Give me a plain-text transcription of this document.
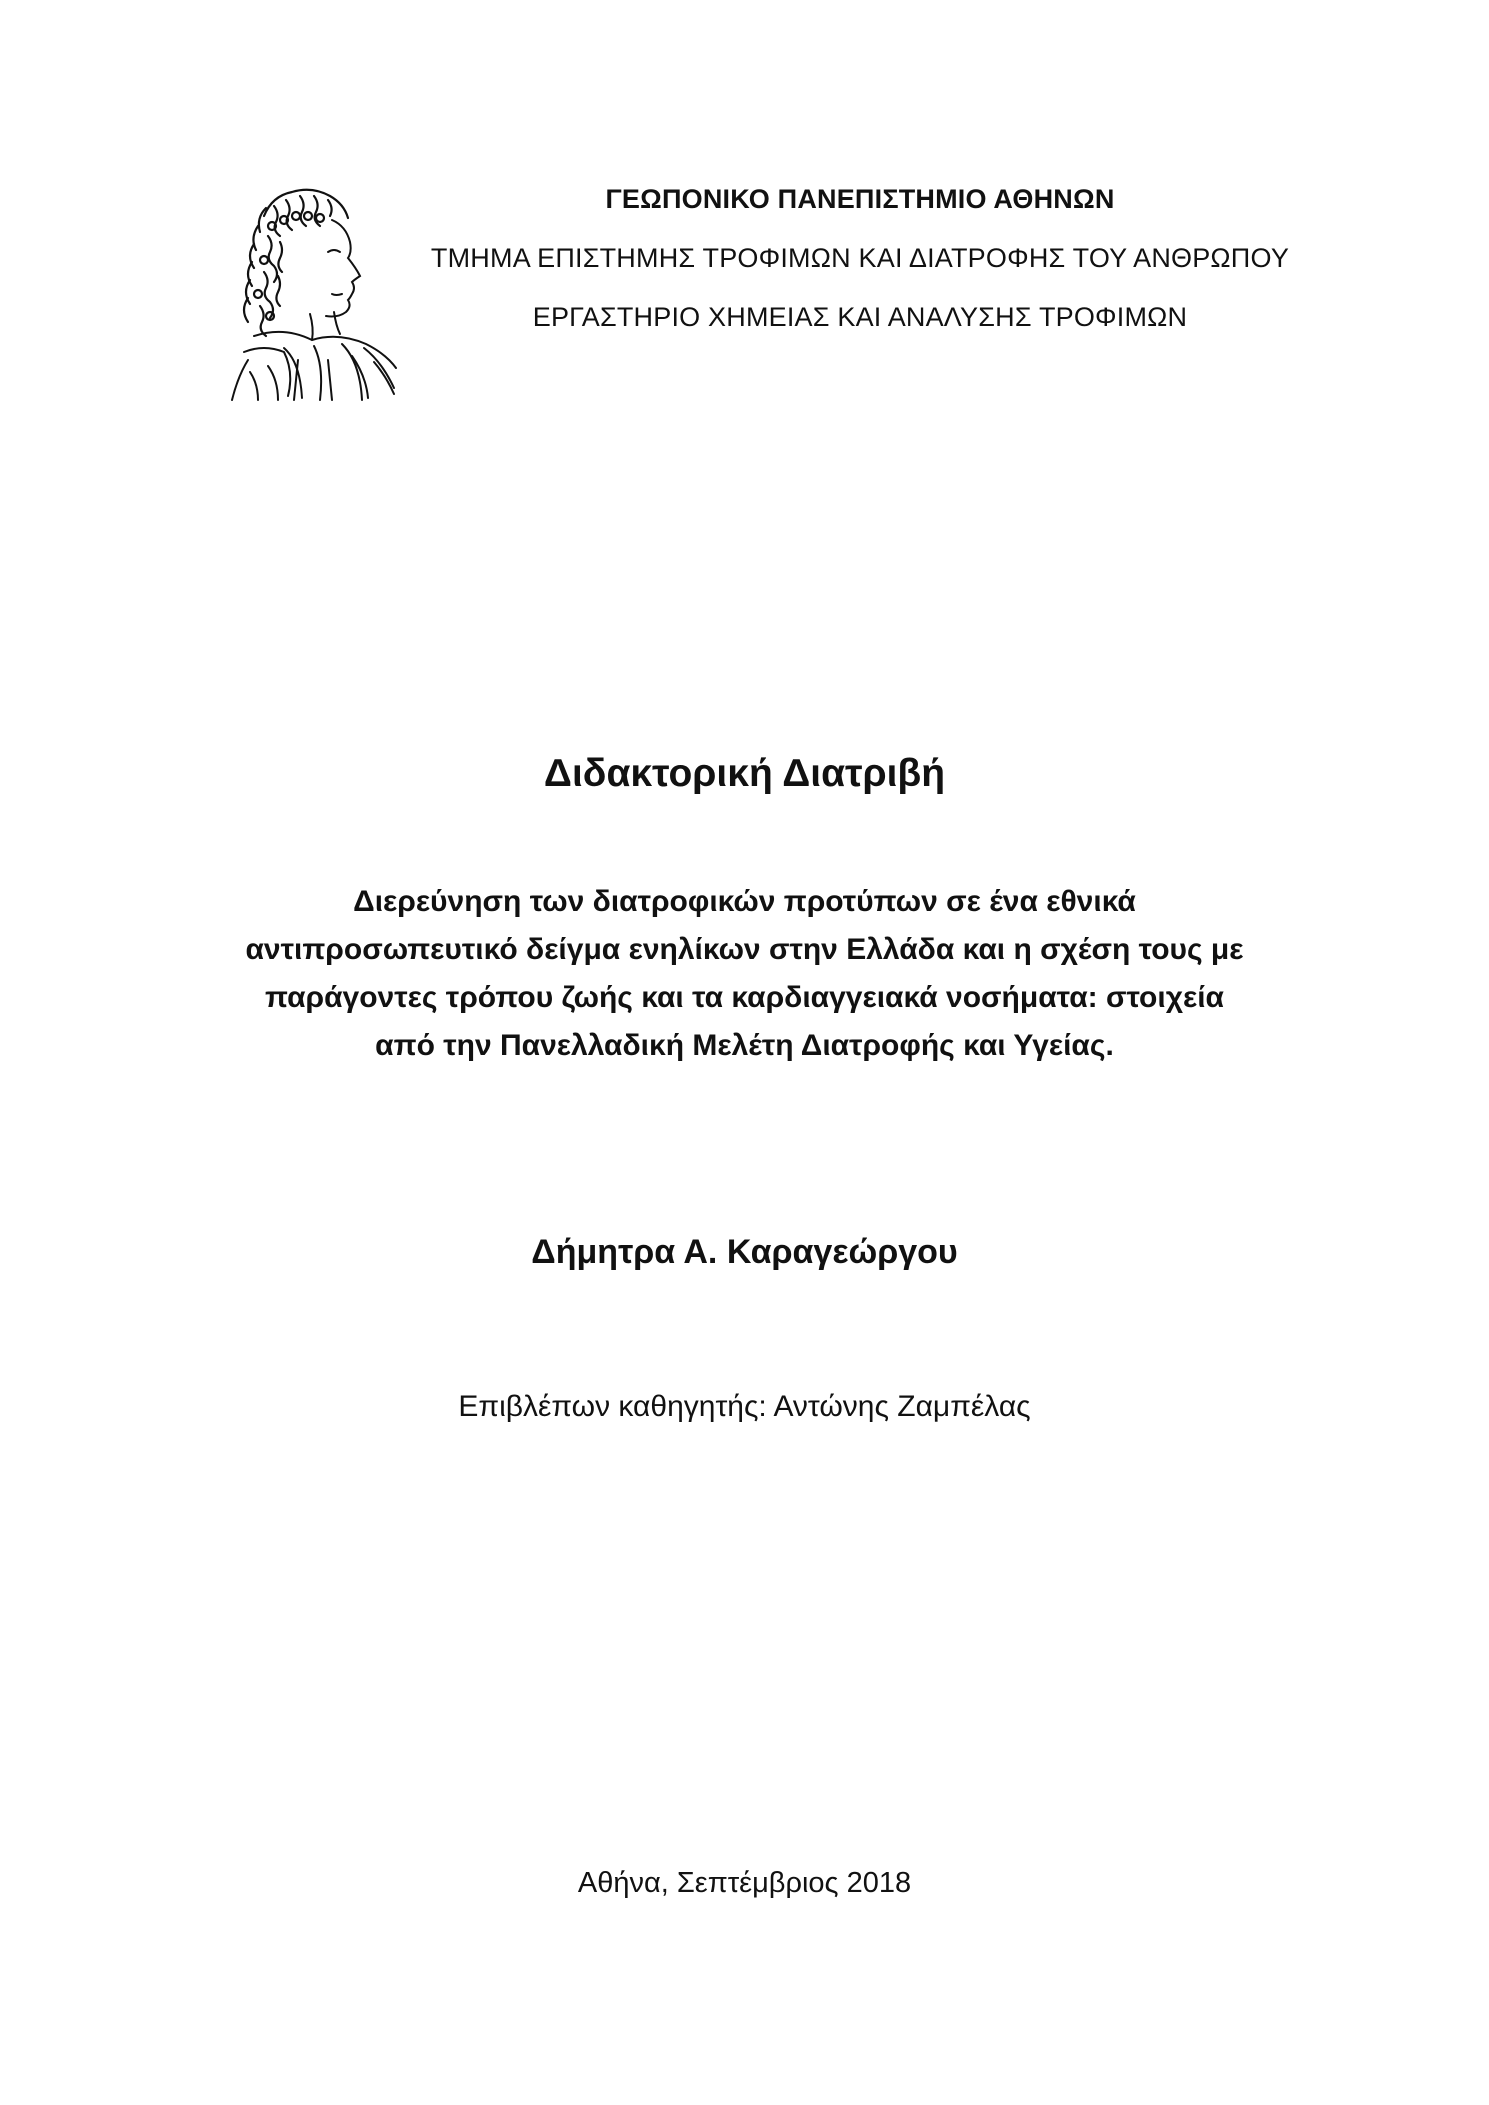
ΓΕΩΠΟΝΙΚΟ ΠΑΝΕΠΙΣΤΗΜΙΟ ΑΘΗΝΩΝ
ΤΜΗΜΑ ΕΠΙΣΤΗΜΗΣ ΤΡΟΦΙΜΩΝ ΚΑΙ ΔΙΑΤΡΟΦΗΣ ΤΟΥ ΑΝΘΡΩΠΟΥ
ΕΡΓΑΣΤΗΡΙΟ ΧΗΜΕΙΑΣ ΚΑΙ ΑΝΑΛΥΣΗΣ ΤΡΟΦΙΜΩΝ
Διδακτορική Διατριβή
Διερεύνηση των διατροφικών προτύπων σε ένα εθνικά
αντιπροσωπευτικό δείγμα ενηλίκων στην Ελλάδα και η σχέση τους με
παράγοντες τρόπου ζωής και τα καρδιαγγειακά νοσήματα: στοιχεία
από την Πανελλαδική Μελέτη Διατροφής και Υγείας.
Δήμητρα Α. Καραγεώργου
Επιβλέπων καθηγητής: Αντώνης Ζαμπέλας
Αθήνα, Σεπτέμβριος 2018
